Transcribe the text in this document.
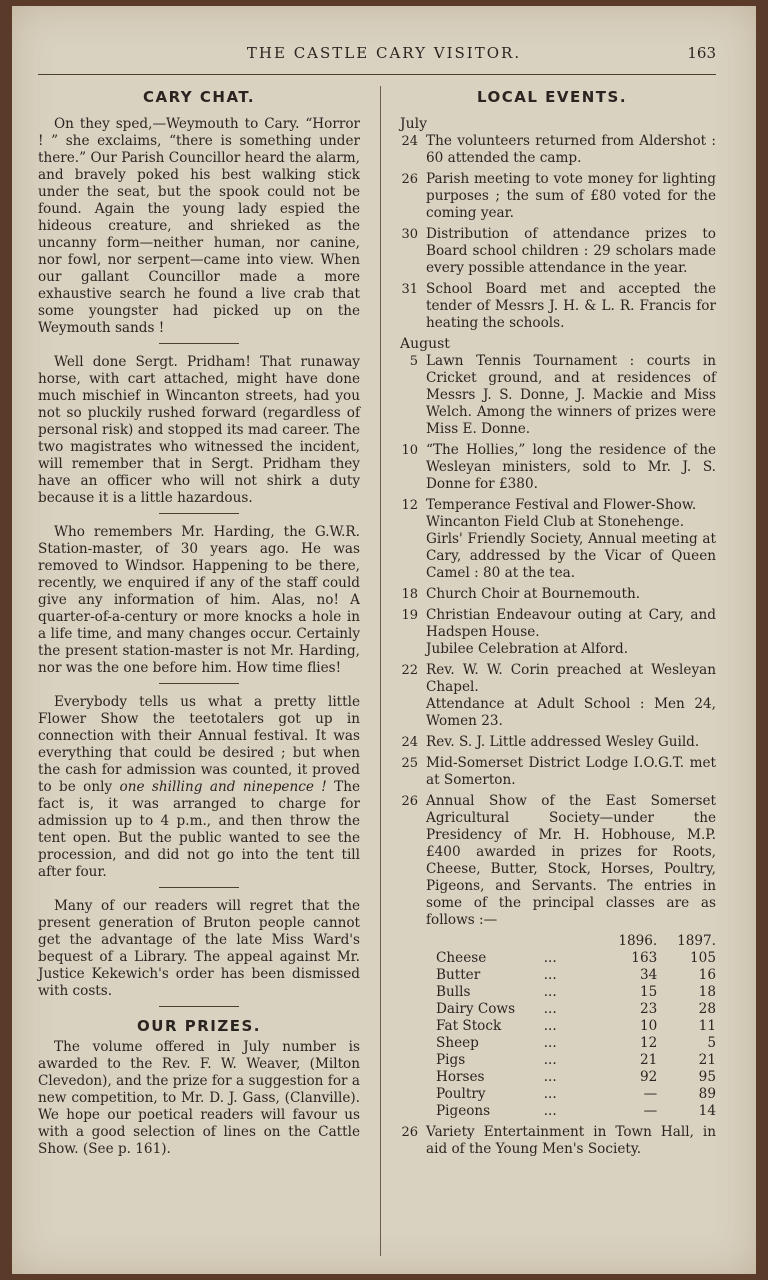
THE CASTLE CARY VISITOR.	163
CARY CHAT.

On they sped,—Weymouth to Cary. “Horror ! ” she exclaims, “there is something under there.” Our Parish Councillor heard the alarm, and bravely poked his best walking stick under the seat, but the spook could not be found. Again the young lady espied the hideous creature, and shrieked as the uncanny form—neither human, nor canine, nor fowl, nor serpent—came into view. When our gallant Councillor made a more exhaustive search he found a live crab that some youngster had picked up on the Weymouth sands !

Well done Sergt. Pridham! That runaway horse, with cart attached, might have done much mischief in Wincanton streets, had you not so pluckily rushed forward (regardless of personal risk) and stopped its mad career. The two magistrates who witnessed the incident, will remember that in Sergt. Pridham they have an officer who will not shirk a duty because it is a little hazardous.

Who remembers Mr. Harding, the G.W.R. Station-master, of 30 years ago. He was removed to Windsor. Happening to be there, recently, we enquired if any of the staff could give any information of him. Alas, no! A quarter-of-a-century or more knocks a hole in a life time, and many changes occur. Certainly the present station-master is not Mr. Harding, nor was the one before him. How time flies!

Everybody tells us what a pretty little Flower Show the teetotalers got up in connection with their Annual festival. It was everything that could be desired ; but when the cash for admission was counted, it proved to be only one shilling and ninepence ! The fact is, it was arranged to charge for admission up to 4 p.m., and then throw the tent open. But the public wanted to see the procession, and did not go into the tent till after four.

Many of our readers will regret that the present generation of Bruton people cannot get the advantage of the late Miss Ward's bequest of a Library. The appeal against Mr. Justice Kekewich's order has been dismissed with costs.

OUR PRIZES.

The volume offered in July number is awarded to the Rev. F. W. Weaver, (Milton Clevedon), and the prize for a suggestion for a new competition, to Mr. D. J. Gass, (Clanville). We hope our poetical readers will favour us with a good selection of lines on the Cattle Show. (See p. 161).

LOCAL EVENTS.
July
24 The volunteers returned from Aldershot : 60 attended the camp.
26 Parish meeting to vote money for lighting purposes ; the sum of £80 voted for the coming year.
30 Distribution of attendance prizes to Board school children : 29 scholars made every possible attendance in the year.
31 School Board met and accepted the tender of Messrs J. H. & L. R. Francis for heating the schools.
August
5 Lawn Tennis Tournament : courts in Cricket ground, and at residences of Messrs J. S. Donne, J. Mackie and Miss Welch. Among the winners of prizes were Miss E. Donne.
10 “The Hollies,” long the residence of the Wesleyan ministers, sold to Mr. J. S. Donne for £380.
12 Temperance Festival and Flower-Show.
Wincanton Field Club at Stonehenge.
Girls' Friendly Society, Annual meeting at Cary, addressed by the Vicar of Queen Camel : 80 at the tea.
18 Church Choir at Bournemouth.
19 Christian Endeavour outing at Cary, and Hadspen House.
Jubilee Celebration at Alford.
22 Rev. W. W. Corin preached at Wesleyan Chapel.
Attendance at Adult School : Men 24, Women 23.
24 Rev. S. J. Little addressed Wesley Guild.
25 Mid-Somerset District Lodge I.O.G.T. met at Somerton.
26 Annual Show of the East Somerset Agricultural Society—under the Presidency of Mr. H. Hobhouse, M.P. £400 awarded in prizes for Roots, Cheese, Butter, Stock, Horses, Poultry, Pigeons, and Servants. The entries in some of the principal classes are as follows :—
1896.	1897.
Cheese	...	163	105
Butter	...	34	16
Bulls	...	15	18
Dairy Cows	...	23	28
Fat Stock	...	10	11
Sheep	...	12	5
Pigs	...	21	21
Horses	...	92	95
Poultry	...	—	89
Pigeons	...	—	14
26 Variety Entertainment in Town Hall, in aid of the Young Men's Society.
